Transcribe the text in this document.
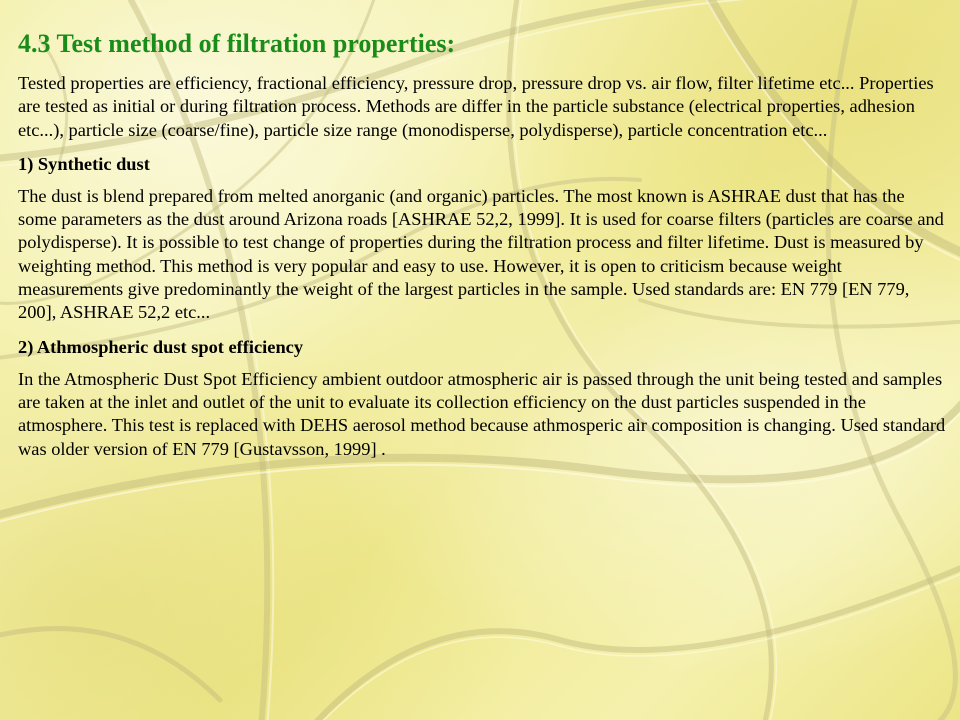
4.3 Test method of filtration properties:

Tested properties are efficiency, fractional efficiency, pressure drop, pressure drop vs. air flow, filter lifetime etc... Properties are tested as initial or during filtration process. Methods are differ in the particle substance (electrical properties, adhesion etc...), particle size (coarse/fine), particle size range (monodisperse, polydisperse), particle concentration etc...

1) Synthetic dust

The dust is blend prepared from melted anorganic (and organic) particles. The most known is ASHRAE dust that has the some parameters as the dust around Arizona roads [ASHRAE 52,2, 1999]. It is used for coarse filters (particles are coarse and polydisperse). It is possible to test change of properties during the filtration process and filter lifetime. Dust is measured by weighting method. This method is very popular and easy to use. However, it is open to criticism because weight measurements give predominantly the weight of the largest particles in the sample. Used standards are: EN 779 [EN 779, 200], ASHRAE 52,2 etc...

2) Athmospheric dust spot efficiency

In the Atmospheric Dust Spot Efficiency ambient outdoor atmospheric air is passed through the unit being tested and samples are taken at the inlet and outlet of the unit to evaluate its collection efficiency on the dust particles suspended in the atmosphere. This test is replaced with DEHS aerosol method because athmosperic air composition is changing. Used standard was older version of EN 779 [Gustavsson, 1999] .
